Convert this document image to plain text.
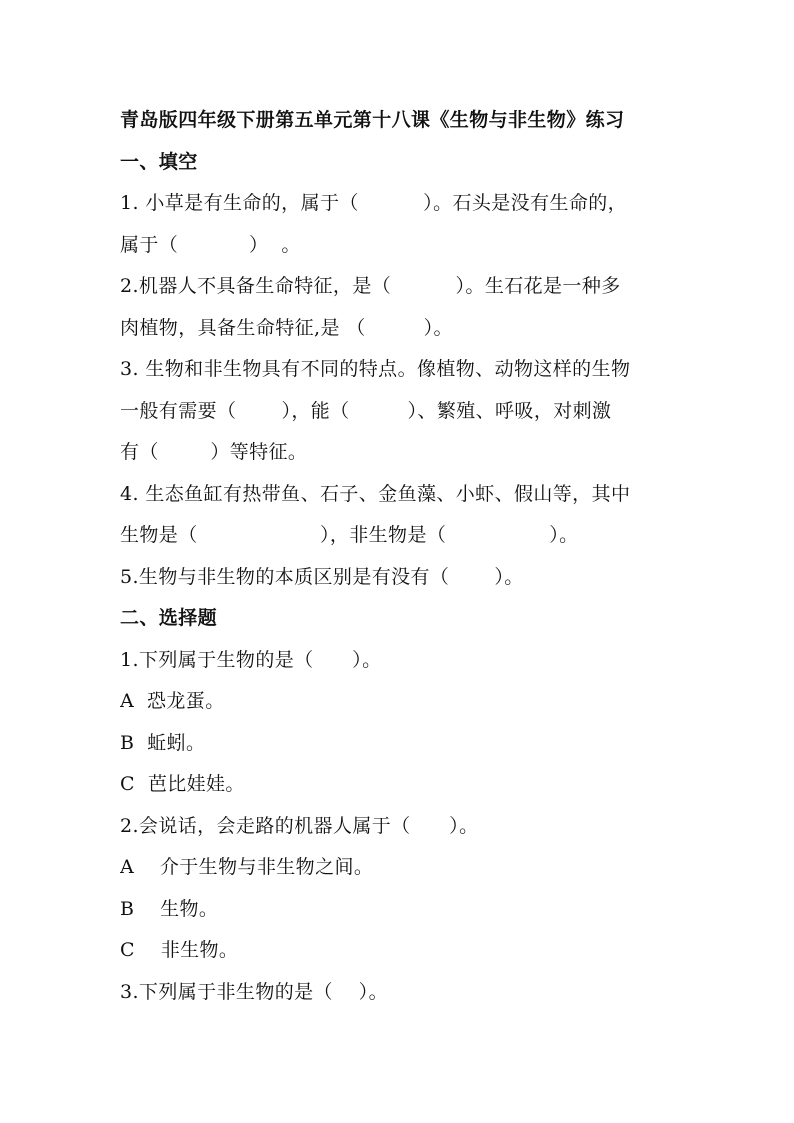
青岛版四年级下册第五单元第十八课《生物与非生物》练习
一、填空
1. 小草是有生命的，属于（          ）。石头是没有生命的，
属于（           ）  。
2.机器人不具备生命特征，是（          ）。生石花是一种多
肉植物，具备生命特征,是 （         ）。
3. 生物和非生物具有不同的特点。像植物、动物这样的生物
一般有需要（       ），能（         ）、繁殖、呼吸，对刺激
有（        ）等特征。
4. 生态鱼缸有热带鱼、石子、金鱼藻、小虾、假山等，其中
生物是（                   ），非生物是（                ）。
5.生物与非生物的本质区别是有没有（       ）。
二、选择题
1.下列属于生物的是（      ）。
A  恐龙蛋。
B  蚯蚓。
C  芭比娃娃。
2.会说话，会走路的机器人属于（      ）。
A    介于生物与非生物之间。
B    生物。
C    非生物。
3.下列属于非生物的是（    ）。
